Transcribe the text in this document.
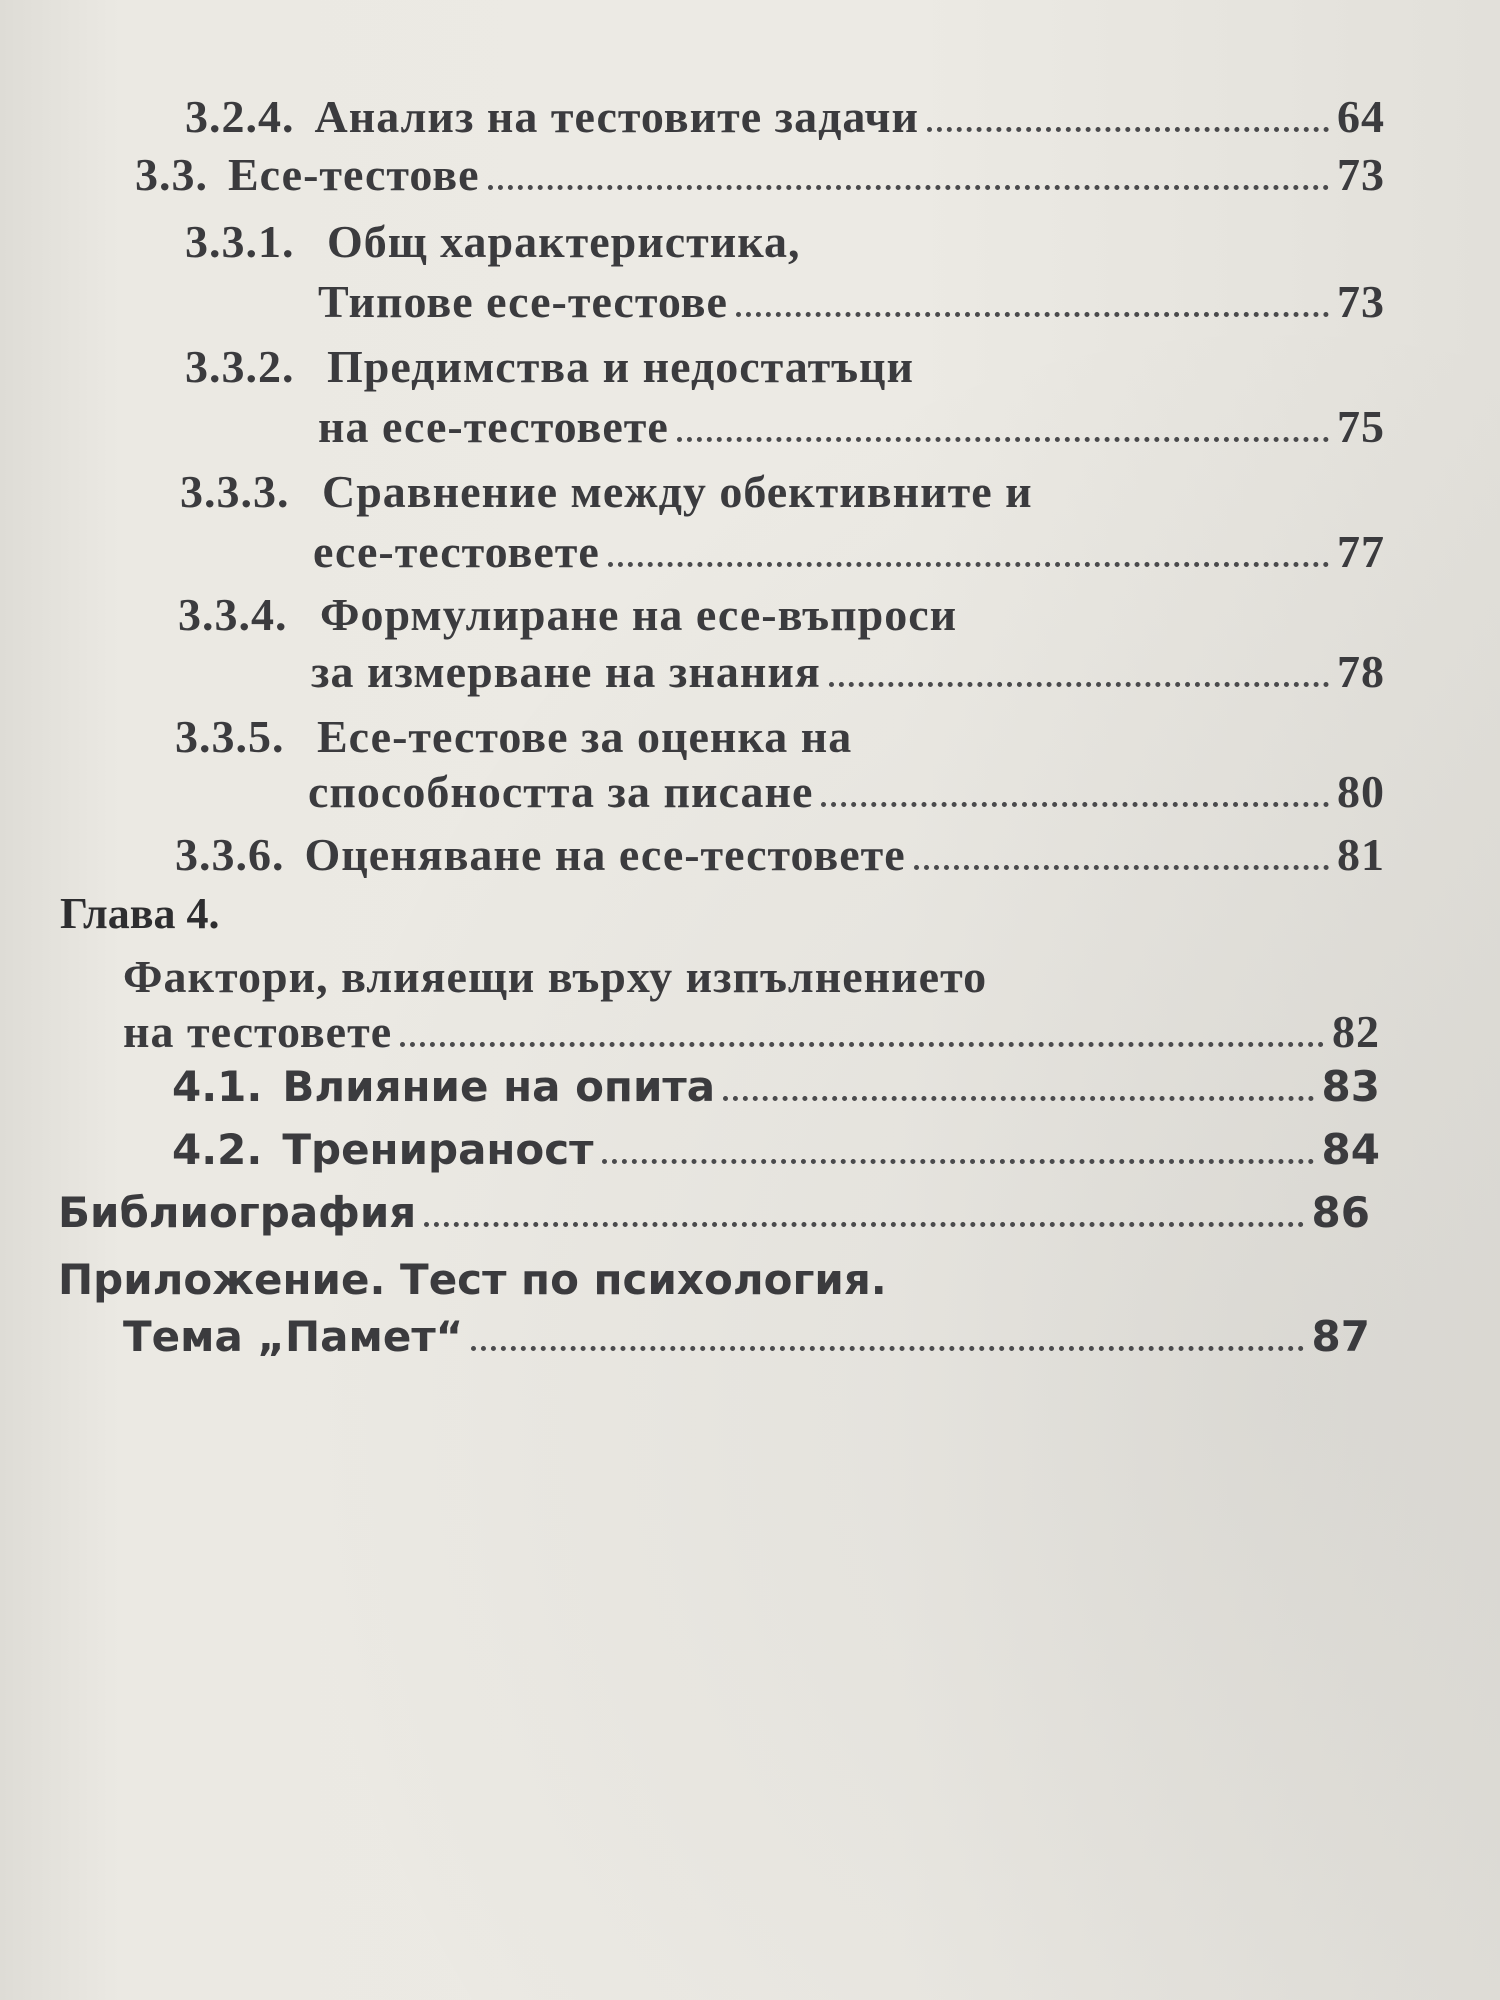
3.2.4. Анализ на тестовите задачи	64
3.3. Есе-тестове	73
3.3.1. Общ характеристика,
Типове есе-тестове	73
3.3.2. Предимства и недостатъци
на есе-тестовете	75
3.3.3. Сравнение между обективните и
есе-тестовете	77
3.3.4. Формулиране на есе-въпроси
за измерване на знания	78
3.3.5. Есе-тестове за оценка на
способността за писане	80
3.3.6. Оценяване на есе-тестовете	81
Глава 4.
Фактори, влияещи върху изпълнението
на тестовете	82
4.1. Влияние на опита	83
4.2. Тренираност	84
Библиография	86
Приложение. Тест по психология.
Тема „Памет“	87
